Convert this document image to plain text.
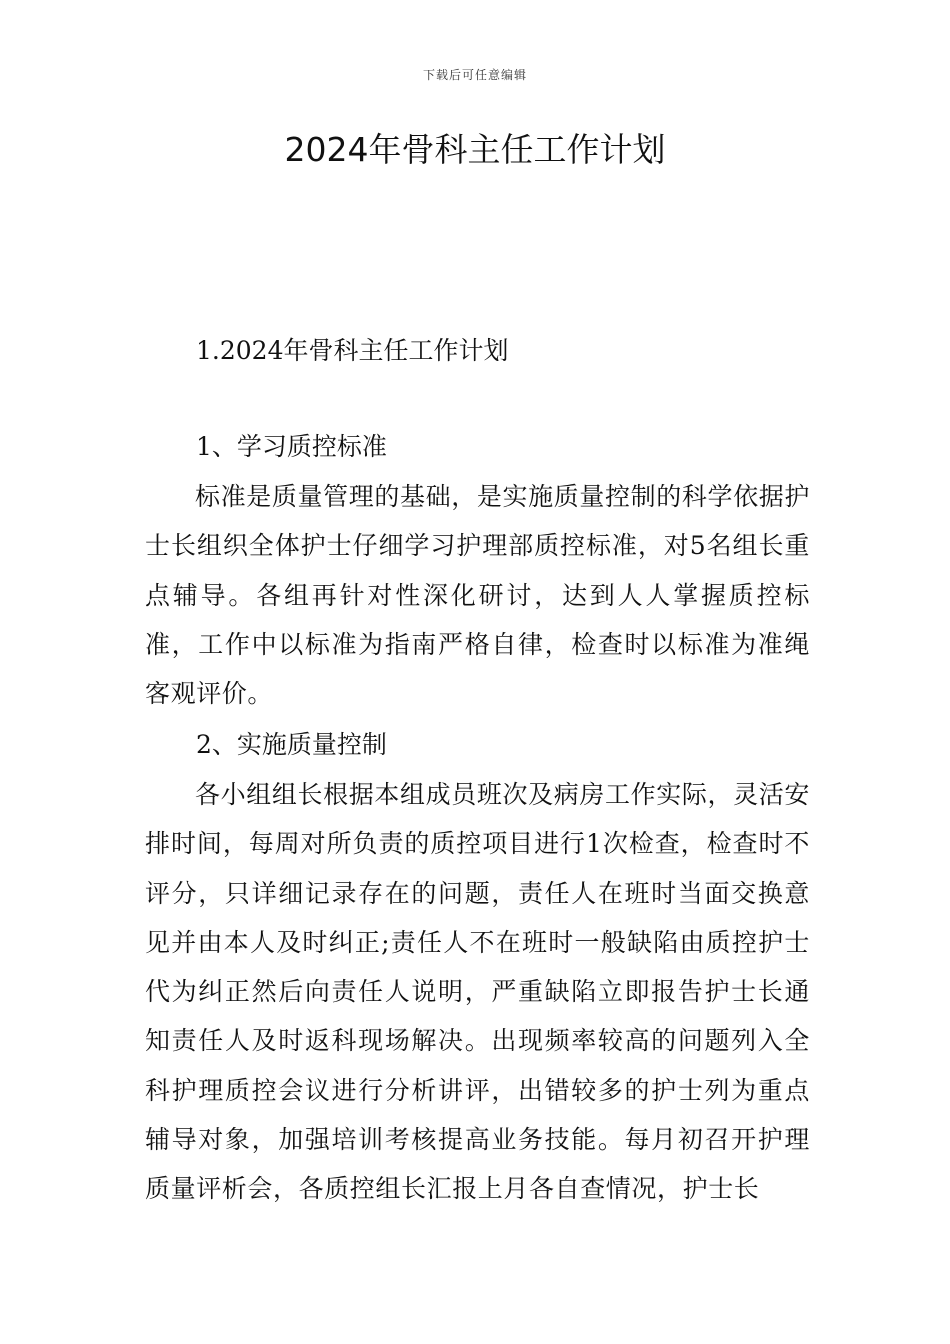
下载后可任意编辑
2024年骨科主任工作计划
1.2024年骨科主任工作计划
1、学习质控标准

标准是质量管理的基础，是实施质量控制的科学依据护士长组织全体护士仔细学习护理部质控标准，对5名组长重点辅导。各组再针对性深化研讨，达到人人掌握质控标准，工作中以标准为指南严格自律，检查时以标准为准绳客观评价。

2、实施质量控制

各小组组长根据本组成员班次及病房工作实际，灵活安排时间，每周对所负责的质控项目进行1次检查，检查时不评分，只详细记录存在的问题，责任人在班时当面交换意见并由本人及时纠正;责任人不在班时一般缺陷由质控护士代为纠正然后向责任人说明，严重缺陷立即报告护士长通知责任人及时返科现场解决。出现频率较高的问题列入全科护理质控会议进行分析讲评，出错较多的护士列为重点辅导对象，加强培训考核提高业务技能。每月初召开护理质量评析会，各质控组长汇报上月各自查情况，护士长
